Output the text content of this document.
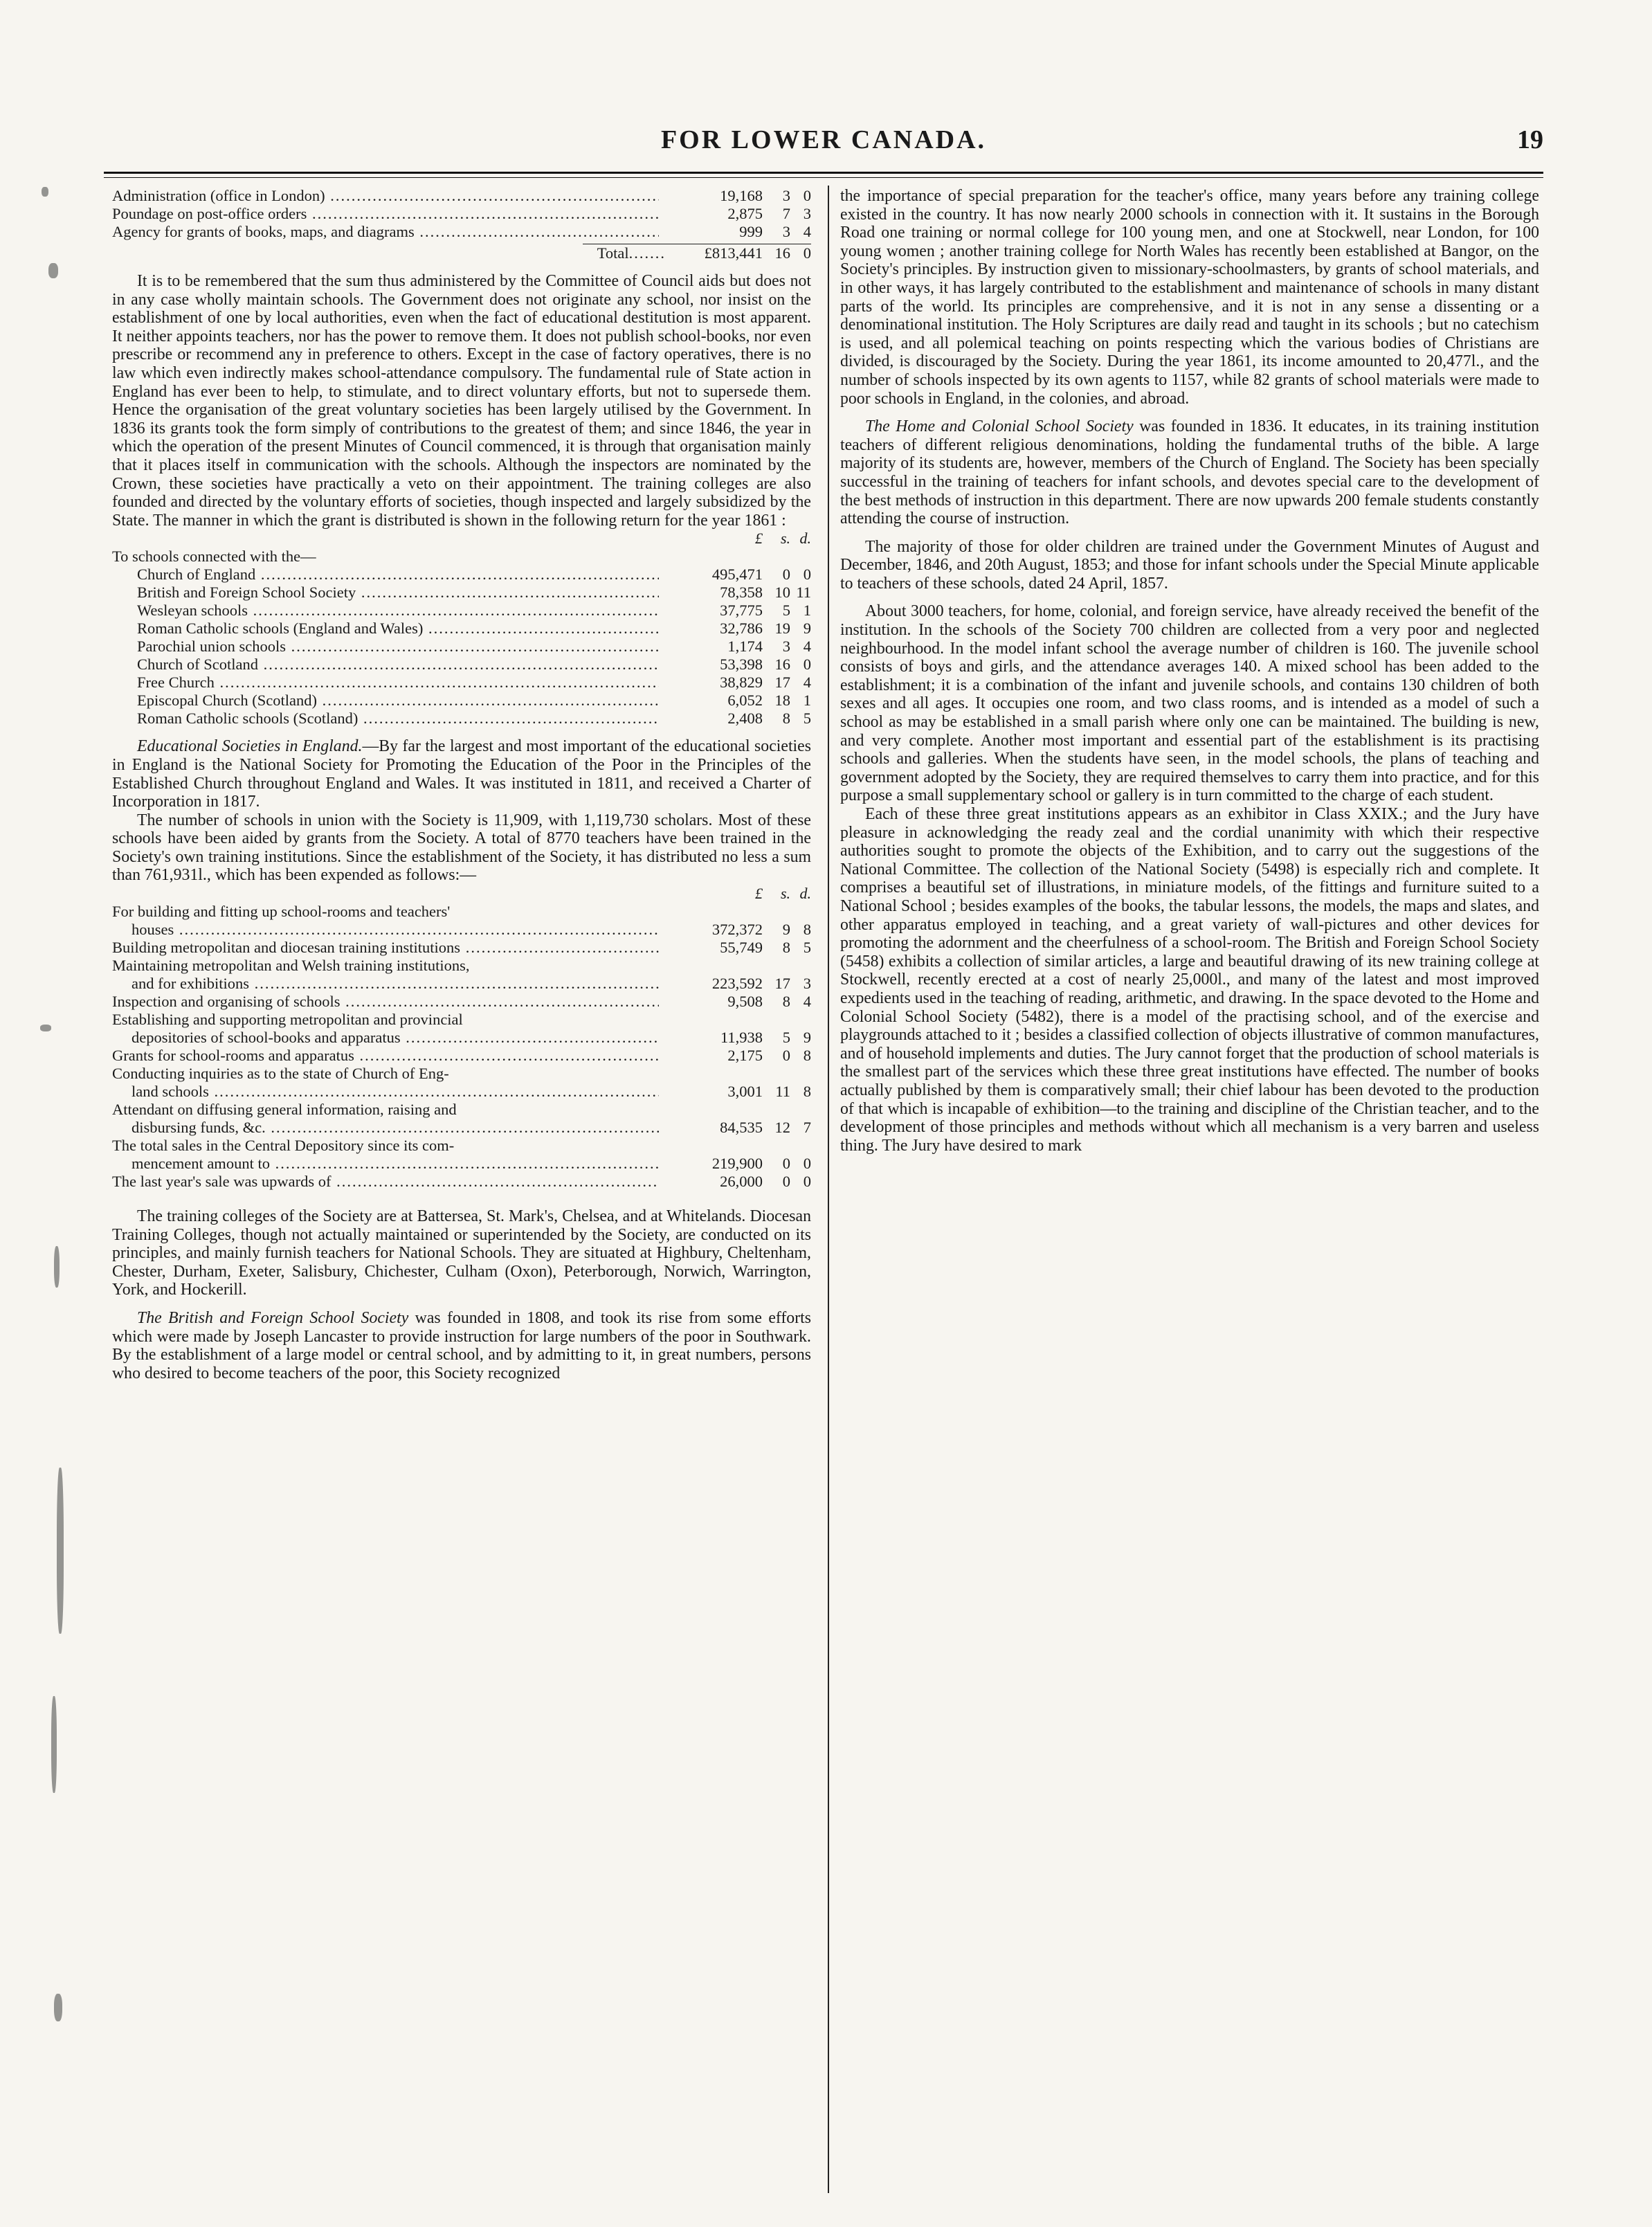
FOR LOWER CANADA.	19
Administration (office in London) .....	19,168	3 0
Poundage on post-office orders .....	2,875	7 3
Agency for grants of books, maps, and diagrams .....	999	3 4
Total .......	£813,441 16 0

It is to be remembered that the sum thus administered by the Committee of Council aids but does not in any case wholly maintain schools. The Government does not originate any school, nor insist on the establishment of one by local authorities, even when the fact of educational destitution is most apparent. It neither appoints teachers, nor has the power to remove them. It does not publish school-books, nor even prescribe or recommend any in preference to others. Except in the case of factory operatives, there is no law which even indirectly makes school-attendance compulsory. The fundamental rule of State action in England has ever been to help, to stimulate, and to direct voluntary efforts, but not to supersede them. Hence the organisation of the great voluntary societies has been largely utilised by the Government. In 1836 its grants took the form simply of contributions to the greatest of them; and since 1846, the year in which the operation of the present Minutes of Council commenced, it is through that organisation mainly that it places itself in communication with the schools. Although the inspectors are nominated by the Crown, these societies have practically a veto on their appointment. The training colleges are also founded and directed by the voluntary efforts of societies, though inspected and largely subsidized by the State. The manner in which the grant is distributed is shown in the following return for the year 1861 :

£	s. d.
To schools connected with the—
Church of England .....	495,471	0 0
British and Foreign School Society .....	78,358 10 11
Wesleyan schools .....	37,775	5 1
Roman Catholic schools (England and Wales) .....	32,786 19 9
Parochial union schools .....	1,174	3 4
Church of Scotland .....	53,398 16 0
Free Church .....	38,829 17 4
Episcopal Church (Scotland) .....	6,052 18 1
Roman Catholic schools (Scotland) .....	2,408	8 5

Educational Societies in England.—By far the largest and most important of the educational societies in England is the National Society for Promoting the Education of the Poor in the Principles of the Established Church throughout England and Wales. It was instituted in 1811, and received a Charter of Incorporation in 1817.

The number of schools in union with the Society is 11,909, with 1,119,730 scholars. Most of these schools have been aided by grants from the Society. A total of 8770 teachers have been trained in the Society's own training institutions. Since the establishment of the Society, it has distributed no less a sum than 761,931l., which has been expended as follows:—

£	s. d.
For building and fitting up school-rooms and teachers'
houses .....	372,372	9 8
Building metropolitan and diocesan training institutions .....	55,749	8 5
Maintaining metropolitan and Welsh training institutions,
and for exhibitions .....	223,592 17 3
Inspection and organising of schools .....	9,508	8 4
Establishing and supporting metropolitan and provincial
depositories of school-books and apparatus .....	11,938	5 9
Grants for school-rooms and apparatus .....	2,175	0 8
Conducting inquiries as to the state of Church of Eng-
land schools .....	3,001 11 8
Attendant on diffusing general information, raising and
disbursing funds, &c. .....	84,535 12 7
The total sales in the Central Depository since its com-
mencement amount to .....	219,900	0 0
The last year's sale was upwards of .....	26,000	0 0

The training colleges of the Society are at Battersea, St. Mark's, Chelsea, and at Whitelands. Diocesan Training Colleges, though not actually maintained or superintended by the Society, are conducted on its principles, and mainly furnish teachers for National Schools. They are situated at Highbury, Cheltenham, Chester, Durham, Exeter, Salisbury, Chichester, Culham (Oxon), Peterborough, Norwich, Warrington, York, and Hockerill.

The British and Foreign School Society was founded in 1808, and took its rise from some efforts which were made by Joseph Lancaster to provide instruction for large numbers of the poor in Southwark. By the establishment of a large model or central school, and by admitting to it, in great numbers, persons who desired to become teachers of the poor, this Society recognized

the importance of special preparation for the teacher's office, many years before any training college existed in the country. It has now nearly 2000 schools in connection with it. It sustains in the Borough Road one training or normal college for 100 young men, and one at Stockwell, near London, for 100 young women ; another training college for North Wales has recently been established at Bangor, on the Society's principles. By instruction given to missionary-schoolmasters, by grants of school materials, and in other ways, it has largely contributed to the establishment and maintenance of schools in many distant parts of the world. Its principles are comprehensive, and it is not in any sense a dissenting or a denominational institution. The Holy Scriptures are daily read and taught in its schools ; but no catechism is used, and all polemical teaching on points respecting which the various bodies of Christians are divided, is discouraged by the Society. During the year 1861, its income amounted to 20,477l., and the number of schools inspected by its own agents to 1157, while 82 grants of school materials were made to poor schools in England, in the colonies, and abroad.

The Home and Colonial School Society was founded in 1836. It educates, in its training institution teachers of different religious denominations, holding the fundamental truths of the bible. A large majority of its students are, however, members of the Church of England. The Society has been specially successful in the training of teachers for infant schools, and devotes special care to the development of the best methods of instruction in this department. There are now upwards 200 female students constantly attending the course of instruction.

The majority of those for older children are trained under the Government Minutes of August and December, 1846, and 20th August, 1853; and those for infant schools under the Special Minute applicable to teachers of these schools, dated 24 April, 1857.

About 3000 teachers, for home, colonial, and foreign service, have already received the benefit of the institution. In the schools of the Society 700 children are collected from a very poor and neglected neighbourhood. In the model infant school the average number of children is 160. The juvenile school consists of boys and girls, and the attendance averages 140. A mixed school has been added to the establishment; it is a combination of the infant and juvenile schools, and contains 130 children of both sexes and all ages. It occupies one room, and two class rooms, and is intended as a model of such a school as may be established in a small parish where only one can be maintained. The building is new, and very complete. Another most important and essential part of the establishment is its practising schools and galleries. When the students have seen, in the model schools, the plans of teaching and government adopted by the Society, they are required themselves to carry them into practice, and for this purpose a small supplementary school or gallery is in turn committed to the charge of each student.

Each of these three great institutions appears as an exhibitor in Class XXIX.; and the Jury have pleasure in acknowledging the ready zeal and the cordial unanimity with which their respective authorities sought to promote the objects of the Exhibition, and to carry out the suggestions of the National Committee. The collection of the National Society (5498) is especially rich and complete. It comprises a beautiful set of illustrations, in miniature models, of the fittings and furniture suited to a National School ; besides examples of the books, the tabular lessons, the models, the maps and slates, and other apparatus employed in teaching, and a great variety of wall-pictures and other devices for promoting the adornment and the cheerfulness of a school-room. The British and Foreign School Society (5458) exhibits a collection of similar articles, a large and beautiful drawing of its new training college at Stockwell, recently erected at a cost of nearly 25,000l., and many of the latest and most improved expedients used in the teaching of reading, arithmetic, and drawing. In the space devoted to the Home and Colonial School Society (5482), there is a model of the practising school, and of the exercise and playgrounds attached to it ; besides a classified collection of objects illustrative of common manufactures, and of household implements and duties. The Jury cannot forget that the production of school materials is the smallest part of the services which these three great institutions have effected. The number of books actually published by them is comparatively small; their chief labour has been devoted to the production of that which is incapable of exhibition—to the training and discipline of the Christian teacher, and to the development of those principles and methods without which all mechanism is a very barren and useless thing. The Jury have desired to mark
